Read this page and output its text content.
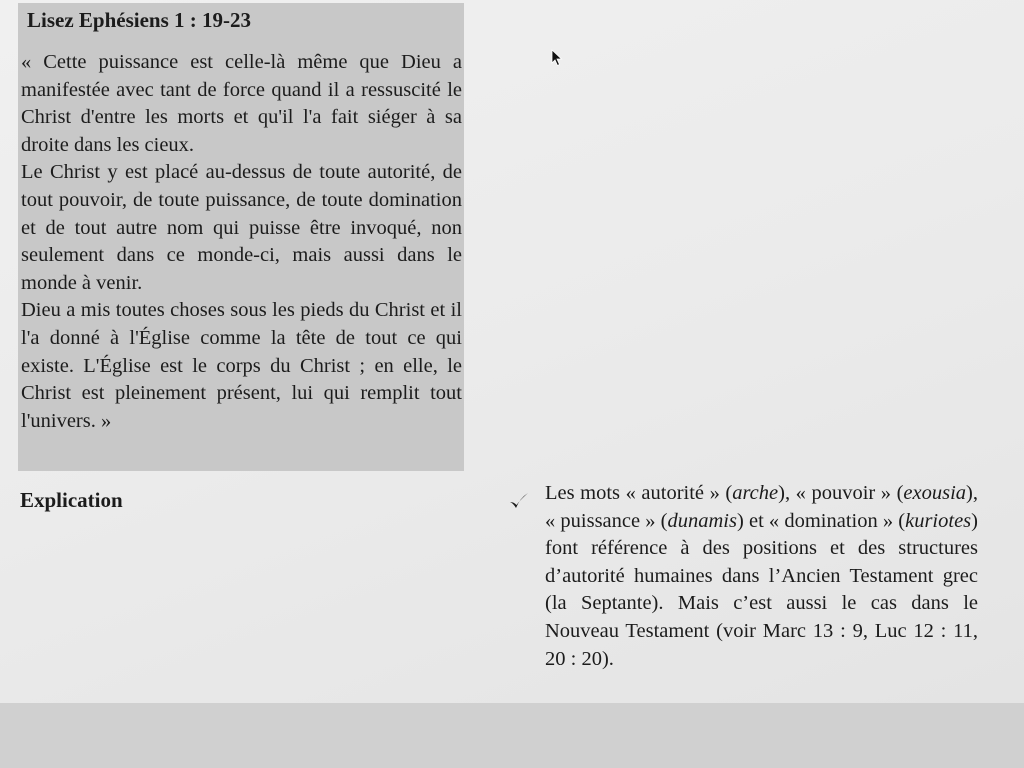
Lisez Ephésiens 1 : 19-23

« Cette puissance est celle-là même que Dieu a manifestée avec tant de force quand il a ressuscité le Christ d'entre les morts et qu'il l'a fait siéger à sa droite dans les cieux.

Le Christ y est placé au-dessus de toute autorité, de tout pouvoir, de toute puissance, de toute domination et de tout autre nom qui puisse être invoqué, non seulement dans ce monde-ci, mais aussi dans le monde à venir.

Dieu a mis toutes choses sous les pieds du Christ et il l'a donné à l'Église comme la tête de tout ce qui existe. L'Église est le corps du Christ ; en elle, le Christ est pleinement présent, lui qui remplit tout l'univers. »

Explication	Les mots « autorité » (arche), « pouvoir » (exousia), « puissance » (dunamis) et « domination » (kuriotes) font référence à des positions et des structures d’autorité humaines dans l’Ancien Testament grec (la Septante). Mais c’est aussi le cas dans le Nouveau Testament (voir Marc 13 : 9, Luc 12 : 11, 20 : 20).
